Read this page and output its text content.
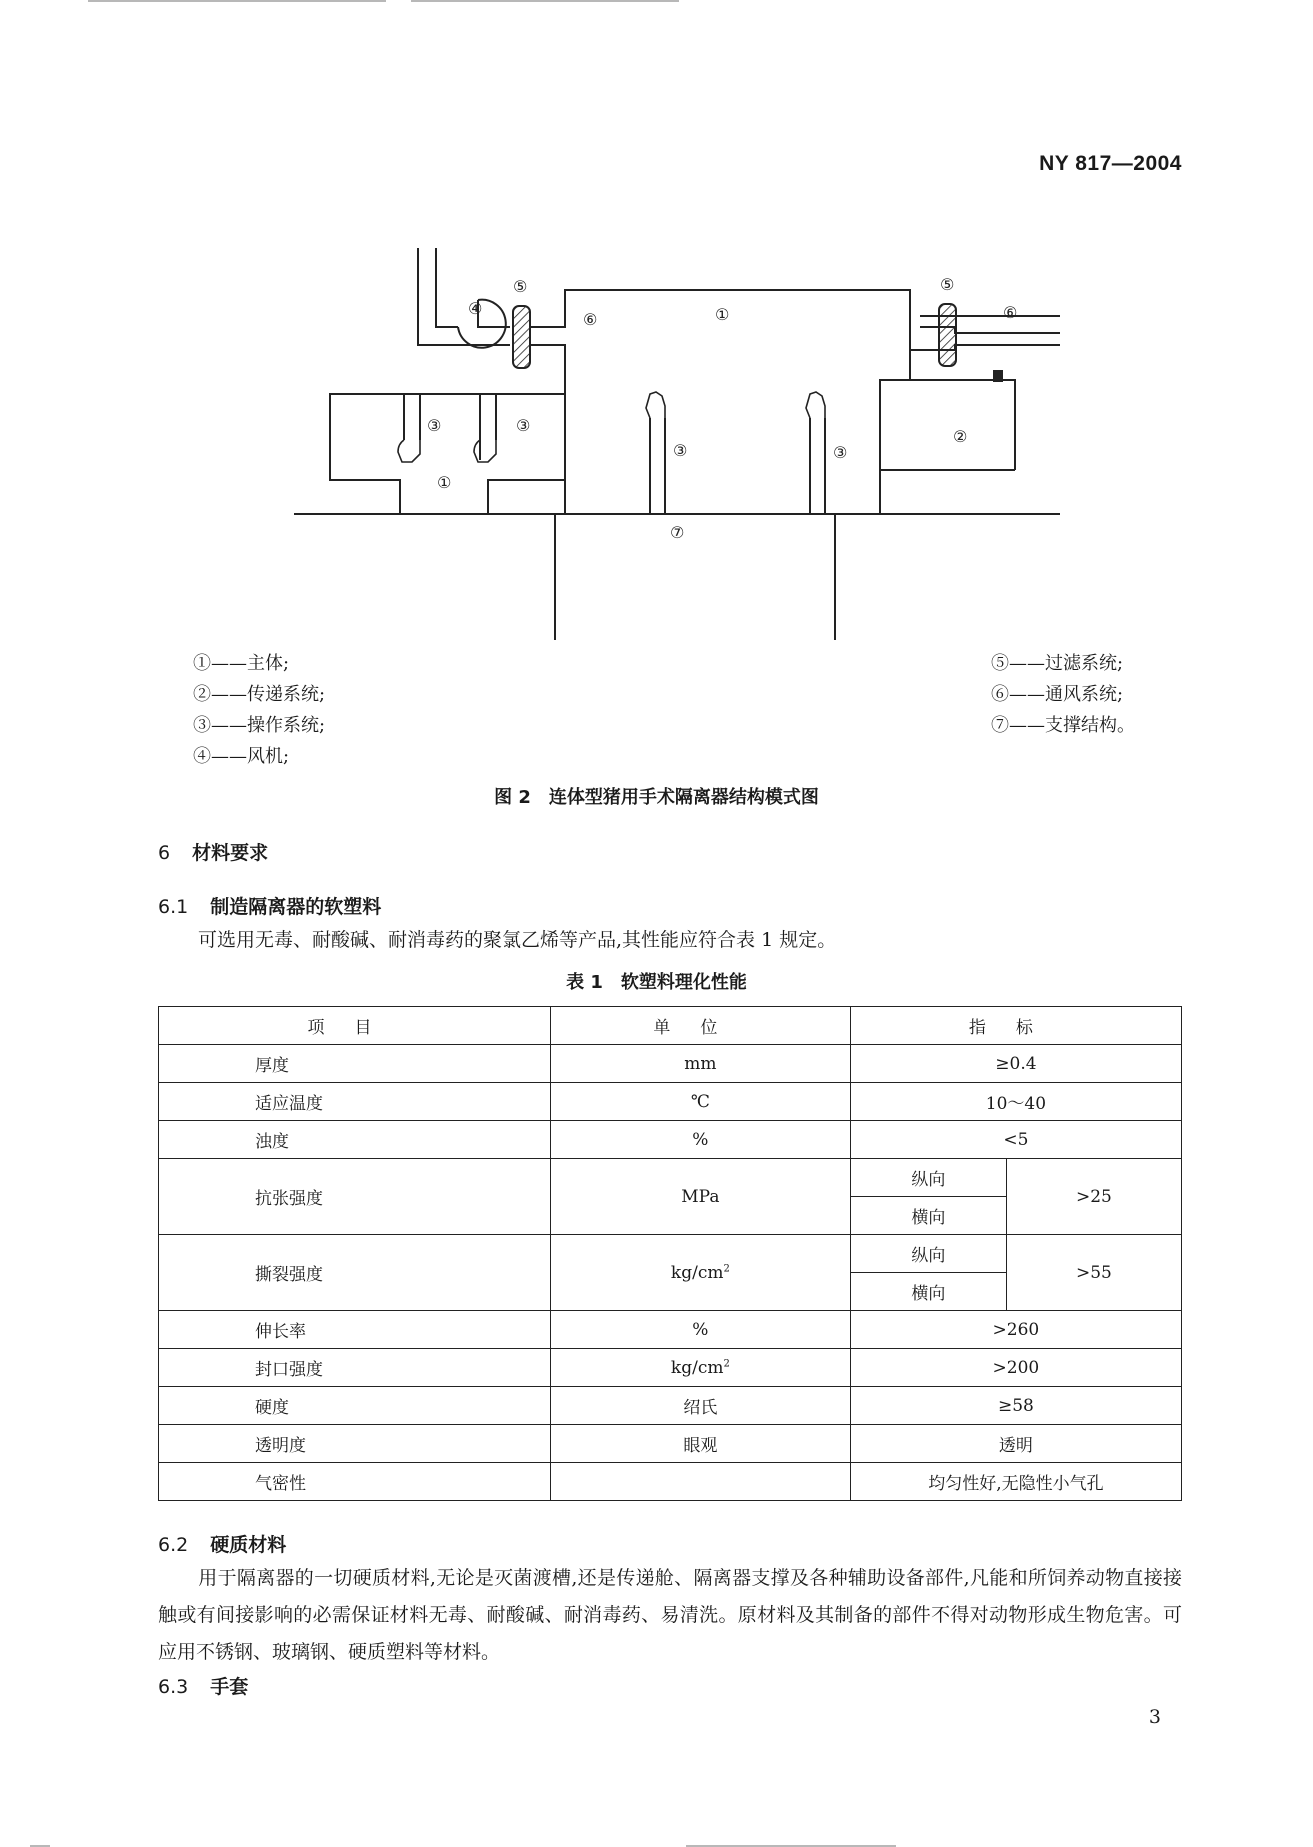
NY 817—2004
④
⑤
⑥	①
⑤
⑥
②
③	③
③	③
①
⑦
①——主体;
②——传递系统;
③——操作系统;
④——风机;
⑤——过滤系统;
⑥——通风系统;
⑦——支撑结构。
图 2　连体型猪用手术隔离器结构模式图
6 材料要求
6.1 制造隔离器的软塑料
可选用无毒、耐酸碱、耐消毒药的聚氯乙烯等产品,其性能应符合表 1 规定。
表 1　软塑料理化性能
项目	单位	指标	
厚度	mm	≥0.4	
适应温度	℃	10～40	
浊度	%	<5	
抗张强度	MPa	纵向	>25
		横向	
撕裂强度	$kg/cm^2$	纵向	>55
		横向	
伸长率	%	>260	
封口强度	$kg/cm^2$	>200	
硬度	绍氏	≥58	
透明度	眼观	透明	
气密性		均匀性好,无隐性小气孔	
6.2 硬质材料
用于隔离器的一切硬质材料,无论是灭菌渡槽,还是传递舱、隔离器支撑及各种辅助设备部件,凡能和所饲养动物直接接触或有间接影响的必需保证材料无毒、耐酸碱、耐消毒药、易清洗。原材料及其制备的部件不得对动物形成生物危害。可应用不锈钢、玻璃钢、硬质塑料等材料。
6.3 手套
3
